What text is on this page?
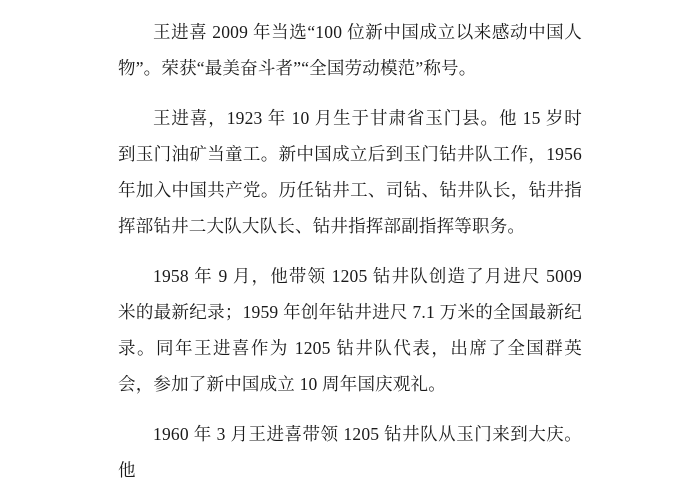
王进喜 2009 年当选“100 位新中国成立以来感动中国人物”。荣获“最美奋斗者”“全国劳动模范”称号。

王进喜，1923 年 10 月生于甘肃省玉门县。他 15 岁时到玉门油矿当童工。新中国成立后到玉门钻井队工作，1956 年加入中国共产党。历任钻井工、司钻、钻井队长，钻井指挥部钻井二大队大队长、钻井指挥部副指挥等职务。

1958 年 9 月，他带领 1205 钻井队创造了月进尺 5009 米的最新纪录；1959 年创年钻井进尺 7.1 万米的全国最新纪录。同年王进喜作为 1205 钻井队代表，出席了全国群英会，参加了新中国成立 10 周年国庆观礼。

1960 年 3 月王进喜带领 1205 钻井队从玉门来到大庆。他
